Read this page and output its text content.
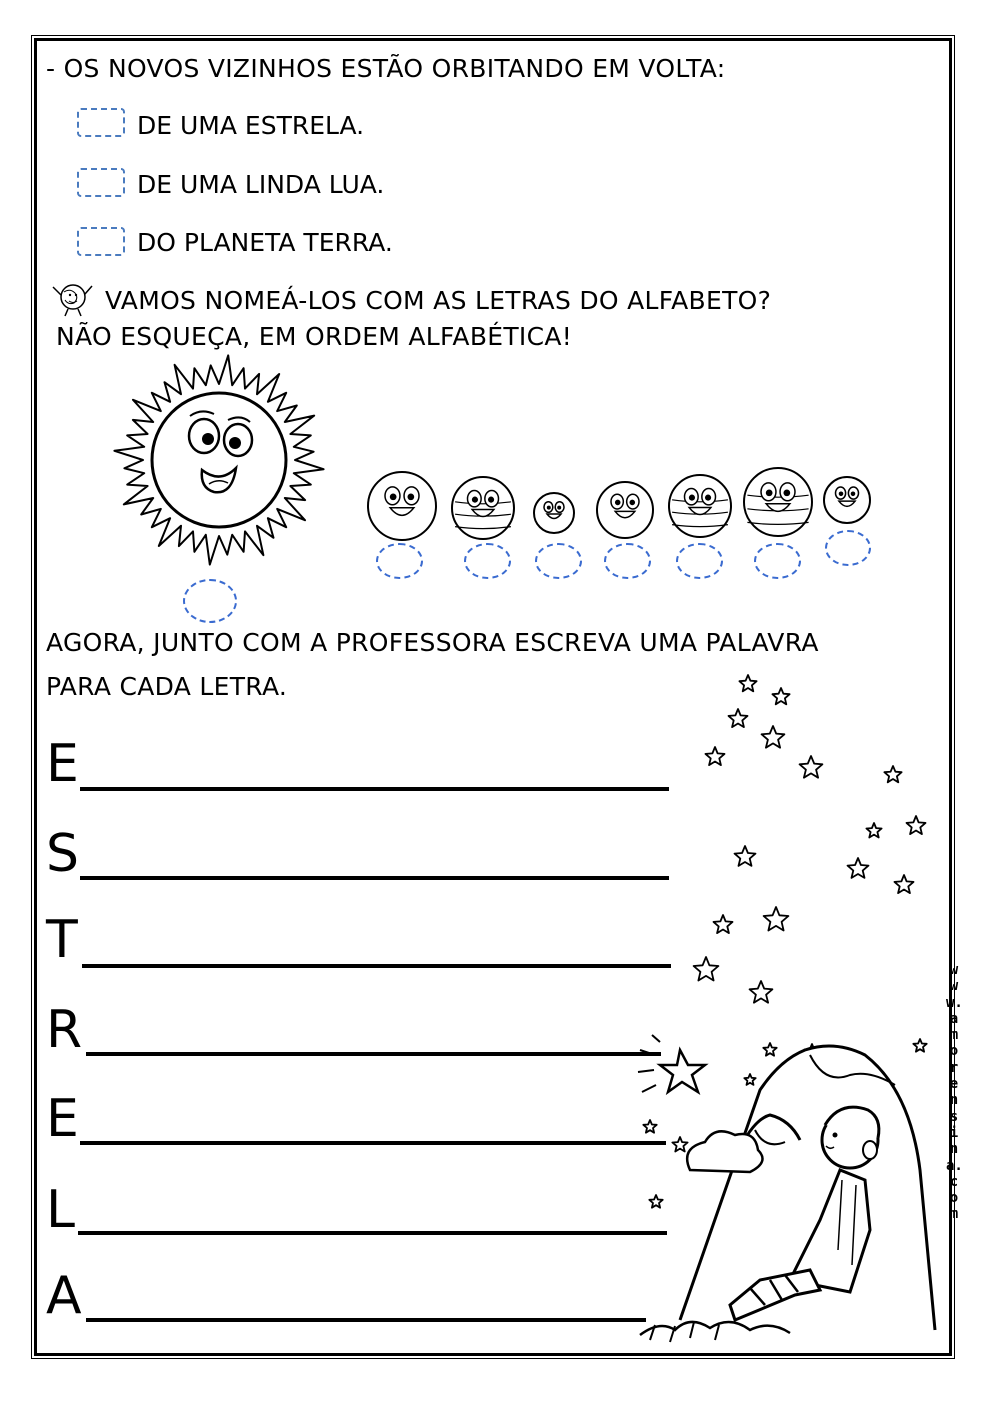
- OS NOVOS VIZINHOS ESTÃO ORBITANDO EM VOLTA:
DE UMA ESTRELA.
DE UMA LINDA LUA.
DO PLANETA TERRA.
VAMOS NOMEÁ-LOS COM AS LETRAS DO ALFABETO?
NÃO ESQUEÇA, EM ORDEM ALFABÉTICA!
AGORA, JUNTO COM A PROFESSORA ESCREVA UMA PALAVRA
PARA CADA LETRA.
E
S
T
R
E
L
A
www.amorensina.com
